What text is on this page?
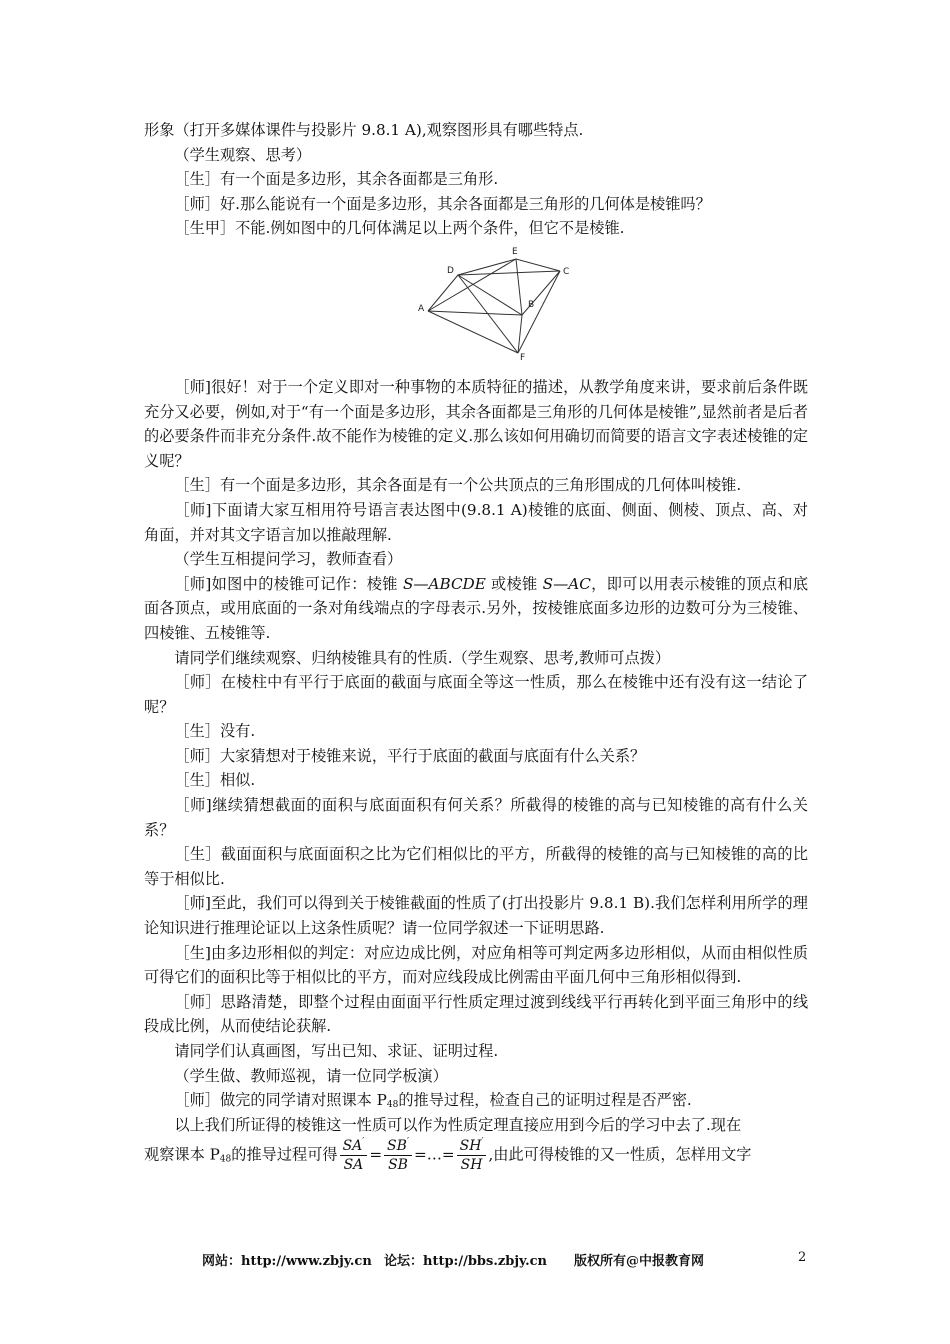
形象（打开多媒体课件与投影片 9.8.1 A),观察图形具有哪些特点.

（学生观察、思考）

［生］有一个面是多边形，其余各面都是三角形.

［师］好.那么能说有一个面是多边形，其余各面都是三角形的几何体是棱锥吗？

［生甲］不能.例如图中的几何体满足以上两个条件，但它不是棱锥.

A
D
E
C
B
F

［师]很好！对于一个定义即对一种事物的本质特征的描述，从教学角度来讲，要求前后条件既充分又必要，例如,对于“有一个面是多边形，其余各面都是三角形的几何体是棱锥”,显然前者是后者的必要条件而非充分条件.故不能作为棱锥的定义.那么该如何用确切而简要的语言文字表述棱锥的定义呢？

［生］有一个面是多边形，其余各面是有一个公共顶点的三角形围成的几何体叫棱锥.

［师]下面请大家互相用符号语言表达图中(9.8.1 A)棱锥的底面、侧面、侧棱、顶点、高、对角面，并对其文字语言加以推敲理解.

（学生互相提问学习，教师查看）

［师]如图中的棱锥可记作：棱锥 S—ABCDE 或棱锥 S—AC，即可以用表示棱锥的顶点和底面各顶点，或用底面的一条对角线端点的字母表示.另外，按棱锥底面多边形的边数可分为三棱锥、四棱锥、五棱锥等.

请同学们继续观察、归纳棱锥具有的性质.（学生观察、思考,教师可点拨）

［师］在棱柱中有平行于底面的截面与底面全等这一性质，那么在棱锥中还有没有这一结论了呢？

［生］没有.

［师］大家猜想对于棱锥来说，平行于底面的截面与底面有什么关系？

［生］相似.

［师]继续猜想截面的面积与底面面积有何关系？所截得的棱锥的高与已知棱锥的高有什么关系？

［生］截面面积与底面面积之比为它们相似比的平方，所截得的棱锥的高与已知棱锥的高的比等于相似比.

［师]至此，我们可以得到关于棱锥截面的性质了(打出投影片 9.8.1 B).我们怎样利用所学的理论知识进行推理论证以上这条性质呢？请一位同学叙述一下证明思路.

［生]由多边形相似的判定：对应边成比例，对应角相等可判定两多边形相似，从而由相似性质可得它们的面积比等于相似比的平方，而对应线段成比例需由平面几何中三角形相似得到.

［师］思路清楚，即整个过程由面面平行性质定理过渡到线线平行再转化到平面三角形中的线段成比例，从而使结论获解.

请同学们认真画图，写出已知、求证、证明过程.

（学生做、教师巡视，请一位同学板演）

［师］做完的同学请对照课本 $P_{48}$的推导过程，检查自己的证明过程是否严密.

以上我们所证得的棱锥这一性质可以作为性质定理直接应用到今后的学习中去了.现在

观察课本 $P_{48}$的推导过程可得 $\frac{SA'}{SA} = \frac{SB'}{SB}$ =…= $\frac{SH'}{SH}$ ,由此可得棱锥的又一性质，怎样用文字

网站：http://www.zbjy.cn 论坛：http://bbs.zbjy.cn 版权所有@中报教育网	2
